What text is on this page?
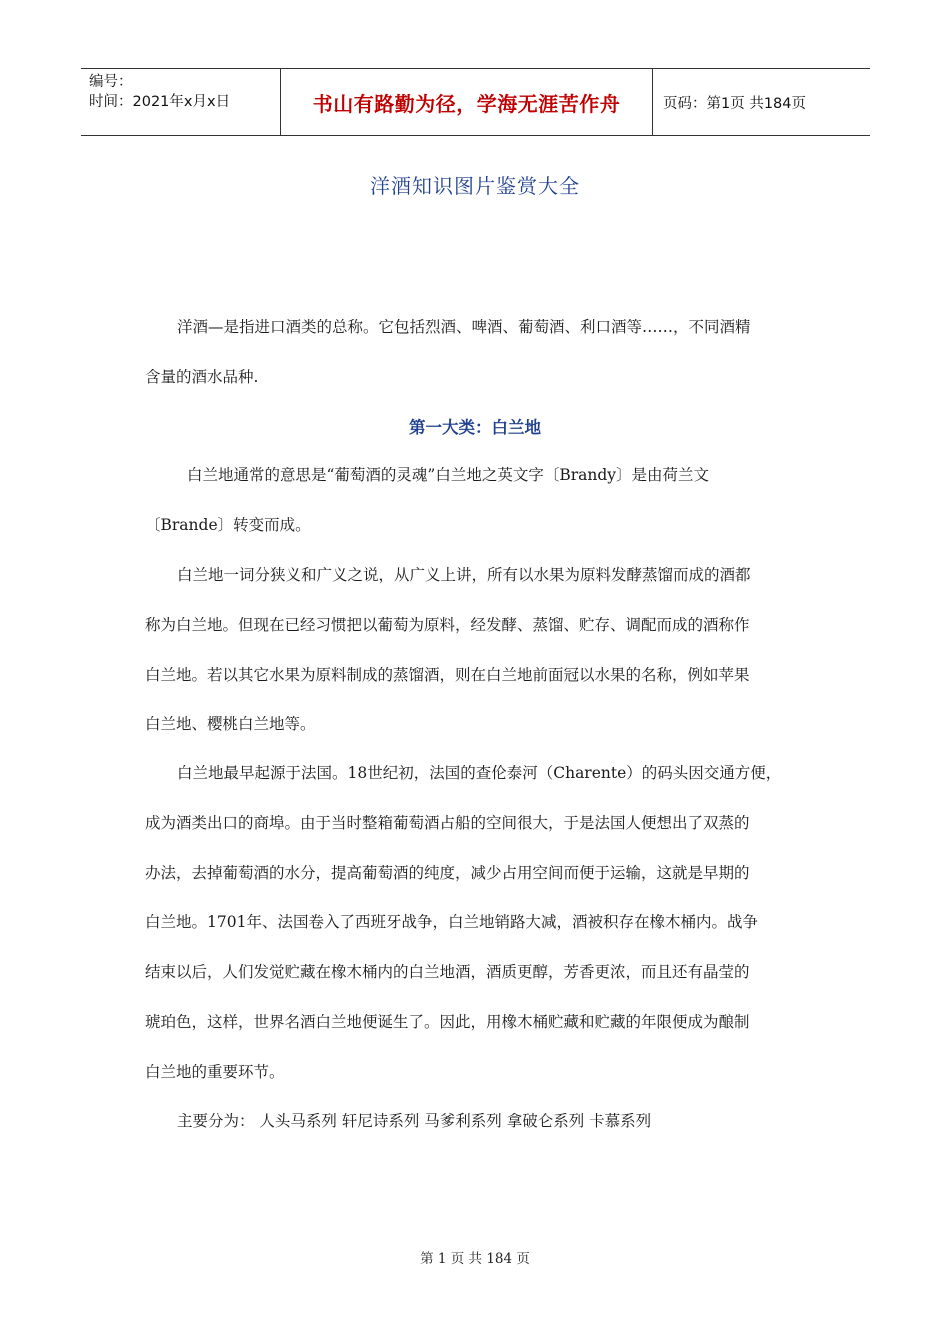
编号：
时间：2021年x月x日	书山有路勤为径，学海无涯苦作舟	页码：第1页 共184页
洋酒知识图片鉴赏大全
洋酒—是指进口酒类的总称。它包括烈酒、啤酒、葡萄酒、利口酒等……，不同酒精
含量的酒水品种.
第一大类：白兰地
白兰地通常的意思是“葡萄酒的灵魂”白兰地之英文字〔Brandy〕是由荷兰文
〔Brande〕转变而成。
白兰地一词分狭义和广义之说，从广义上讲，所有以水果为原料发酵蒸馏而成的酒都
称为白兰地。但现在已经习惯把以葡萄为原料，经发酵、蒸馏、贮存、调配而成的酒称作
白兰地。若以其它水果为原料制成的蒸馏酒，则在白兰地前面冠以水果的名称，例如苹果
白兰地、樱桃白兰地等。
白兰地最早起源于法国。18世纪初，法国的查伦泰河（Charente）的码头因交通方便，
成为酒类出口的商埠。由于当时整箱葡萄酒占船的空间很大，于是法国人便想出了双蒸的
办法，去掉葡萄酒的水分，提高葡萄酒的纯度，减少占用空间而便于运输，这就是早期的
白兰地。1701年、法国卷入了西班牙战争，白兰地销路大减，酒被积存在橡木桶内。战争
结束以后，人们发觉贮藏在橡木桶内的白兰地酒，酒质更醇，芳香更浓，而且还有晶莹的
琥珀色，这样，世界名酒白兰地便诞生了。因此，用橡木桶贮藏和贮藏的年限便成为酿制
白兰地的重要环节。
主要分为： 人头马系列 轩尼诗系列 马爹利系列 拿破仑系列 卡慕系列
第 1 页 共 184 页
